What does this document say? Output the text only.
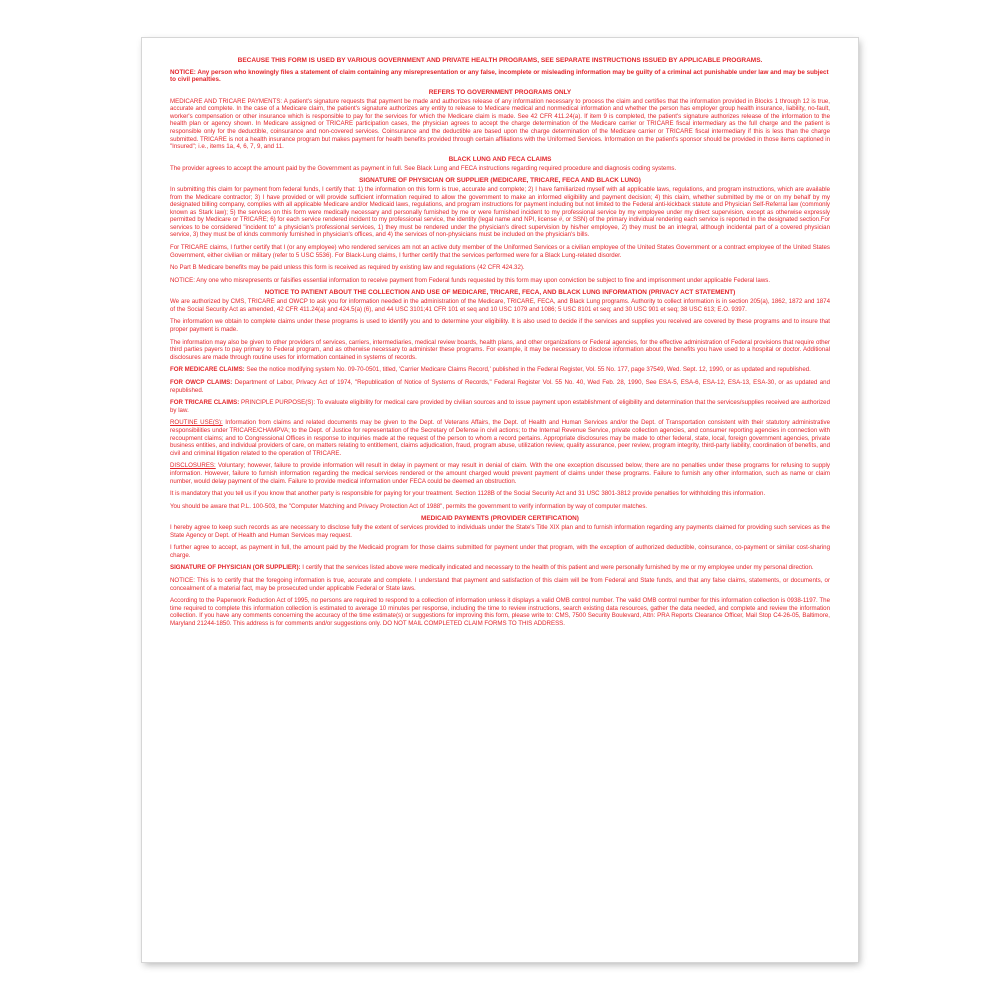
BECAUSE THIS FORM IS USED BY VARIOUS GOVERNMENT AND PRIVATE HEALTH PROGRAMS, SEE SEPARATE INSTRUCTIONS ISSUED BY APPLICABLE PROGRAMS.

NOTICE: Any person who knowingly files a statement of claim containing any misrepresentation or any false, incomplete or misleading information may be guilty of a criminal act punishable under law and may be subject to civil penalties.

REFERS TO GOVERNMENT PROGRAMS ONLY

MEDICARE AND TRICARE PAYMENTS: A patient's signature requests that payment be made and authorizes release of any information necessary to process the claim and certifies that the information provided in Blocks 1 through 12 is true, accurate and complete. In the case of a Medicare claim, the patient's signature authorizes any entity to release to Medicare medical and nonmedical information and whether the person has employer group health insurance, liability, no-fault, worker's compensation or other insurance which is responsible to pay for the services for which the Medicare claim is made. See 42 CFR 411.24(a). If item 9 is completed, the patient's signature authorizes release of the information to the health plan or agency shown. In Medicare assigned or TRICARE participation cases, the physician agrees to accept the charge determination of the Medicare carrier or TRICARE fiscal intermediary as the full charge and the patient is responsible only for the deductible, coinsurance and non-covered services. Coinsurance and the deductible are based upon the charge determination of the Medicare carrier or TRICARE fiscal intermediary if this is less than the charge submitted. TRICARE is not a health insurance program but makes payment for health benefits provided through certain affiliations with the Uniformed Services. Information on the patient's sponsor should be provided in those items captioned in "Insured"; i.e., items 1a, 4, 6, 7, 9, and 11.

BLACK LUNG AND FECA CLAIMS

The provider agrees to accept the amount paid by the Government as payment in full. See Black Lung and FECA instructions regarding required procedure and diagnosis coding systems.

SIGNATURE OF PHYSICIAN OR SUPPLIER (MEDICARE, TRICARE, FECA AND BLACK LUNG)

In submitting this claim for payment from federal funds, I certify that: 1) the information on this form is true, accurate and complete; 2) I have familiarized myself with all applicable laws, regulations, and program instructions, which are available from the Medicare contractor; 3) I have provided or will provide sufficient information required to allow the government to make an informed eligibility and payment decision; 4) this claim, whether submitted by me or on my behalf by my designated billing company, complies with all applicable Medicare and/or Medicaid laws, regulations, and program instructions for payment including but not limited to the Federal anti-kickback statute and Physician Self-Referral law (commonly known as Stark law); 5) the services on this form were medically necessary and personally furnished by me or were furnished incident to my professional service by my employee under my direct supervision, except as otherwise expressly permitted by Medicare or TRICARE; 6) for each service rendered incident to my professional service, the identity (legal name and NPI, license #, or SSN) of the primary individual rendering each service is reported in the designated section.For services to be considered "incident to" a physician's professional services, 1) they must be rendered under the physician's direct supervision by his/her employee, 2) they must be an integral, although incidental part of a covered physician service, 3) they must be of kinds commonly furnished in physician's offices, and 4) the services of non-physicians must be included on the physician's bills.

For TRICARE claims, I further certify that I (or any employee) who rendered services am not an active duty member of the Uniformed Services or a civilian employee of the United States Government or a contract employee of the United States Government, either civilian or military (refer to 5 USC 5536). For Black-Lung claims, I further certify that the services performed were for a Black Lung-related disorder.

No Part B Medicare benefits may be paid unless this form is received as required by existing law and regulations (42 CFR 424.32).

NOTICE: Any one who misrepresents or falsifies essential information to receive payment from Federal funds requested by this form may upon conviction be subject to fine and imprisonment under applicable Federal laws.

NOTICE TO PATIENT ABOUT THE COLLECTION AND USE OF MEDICARE, TRICARE, FECA, AND BLACK LUNG INFORMATION (PRIVACY ACT STATEMENT)

We are authorized by CMS, TRICARE and OWCP to ask you for information needed in the administration of the Medicare, TRICARE, FECA, and Black Lung programs. Authority to collect information is in section 205(a), 1862, 1872 and 1874 of the Social Security Act as amended, 42 CFR 411.24(a) and 424.5(a) (6), and 44 USC 3101;41 CFR 101 et seq and 10 USC 1079 and 1086; 5 USC 8101 et seq; and 30 USC 901 et seq; 38 USC 613; E.O. 9397.

The information we obtain to complete claims under these programs is used to identify you and to determine your eligibility. It is also used to decide if the services and supplies you received are covered by these programs and to insure that proper payment is made.

The information may also be given to other providers of services, carriers, intermediaries, medical review boards, health plans, and other organizations or Federal agencies, for the effective administration of Federal provisions that require other third parties payers to pay primary to Federal program, and as otherwise necessary to administer these programs. For example, it may be necessary to disclose information about the benefits you have used to a hospital or doctor. Additional disclosures are made through routine uses for information contained in systems of records.

FOR MEDICARE CLAIMS: See the notice modifying system No. 09-70-0501, titled, 'Carrier Medicare Claims Record,' published in the Federal Register, Vol. 55 No. 177, page 37549, Wed. Sept. 12, 1990, or as updated and republished.

FOR OWCP CLAIMS: Department of Labor, Privacy Act of 1974, "Republication of Notice of Systems of Records," Federal Register Vol. 55 No. 40, Wed Feb. 28, 1990, See ESA-5, ESA-6, ESA-12, ESA-13, ESA-30, or as updated and republished.

FOR TRICARE CLAIMS: PRINCIPLE PURPOSE(S): To evaluate eligibility for medical care provided by civilian sources and to issue payment upon establishment of eligibility and determination that the services/supplies received are authorized by law.

ROUTINE USE(S): Information from claims and related documents may be given to the Dept. of Veterans Affairs, the Dept. of Health and Human Services and/or the Dept. of Transportation consistent with their statutory administrative responsibilities under TRICARE/CHAMPVA; to the Dept. of Justice for representation of the Secretary of Defense in civil actions; to the Internal Revenue Service, private collection agencies, and consumer reporting agencies in connection with recoupment claims; and to Congressional Offices in response to inquiries made at the request of the person to whom a record pertains. Appropriate disclosures may be made to other federal, state, local, foreign government agencies, private business entities, and individual providers of care, on matters relating to entitlement, claims adjudication, fraud, program abuse, utilization review, quality assurance, peer review, program integrity, third-party liability, coordination of benefits, and civil and criminal litigation related to the operation of TRICARE.

DISCLOSURES: Voluntary; however, failure to provide information will result in delay in payment or may result in denial of claim. With the one exception discussed below, there are no penalties under these programs for refusing to supply information. However, failure to furnish information regarding the medical services rendered or the amount charged would prevent payment of claims under these programs. Failure to furnish any other information, such as name or claim number, would delay payment of the claim. Failure to provide medical information under FECA could be deemed an obstruction.

It is mandatory that you tell us if you know that another party is responsible for paying for your treatment. Section 1128B of the Social Security Act and 31 USC 3801-3812 provide penalties for withholding this information.

You should be aware that P.L. 100-503, the "Computer Matching and Privacy Protection Act of 1988", permits the government to verify information by way of computer matches.

MEDICAID PAYMENTS (PROVIDER CERTIFICATION)

I hereby agree to keep such records as are necessary to disclose fully the extent of services provided to individuals under the State's Title XIX plan and to furnish information regarding any payments claimed for providing such services as the State Agency or Dept. of Health and Human Services may request.

I further agree to accept, as payment in full, the amount paid by the Medicaid program for those claims submitted for payment under that program, with the exception of authorized deductible, coinsurance, co-payment or similar cost-sharing charge.

SIGNATURE OF PHYSICIAN (OR SUPPLIER): I certify that the services listed above were medically indicated and necessary to the health of this patient and were personally furnished by me or my employee under my personal direction.

NOTICE: This is to certify that the foregoing information is true, accurate and complete. I understand that payment and satisfaction of this claim will be from Federal and State funds, and that any false claims, statements, or documents, or concealment of a material fact, may be prosecuted under applicable Federal or State laws.

According to the Paperwork Reduction Act of 1995, no persons are required to respond to a collection of information unless it displays a valid OMB control number. The valid OMB control number for this information collection is 0938-1197. The time required to complete this information collection is estimated to average 10 minutes per response, including the time to review instructions, search existing data resources, gather the data needed, and complete and review the information collection. If you have any comments concerning the accuracy of the time estimate(s) or suggestions for improving this form, please write to: CMS, 7500 Security Boulevard, Attn: PRA Reports Clearance Officer, Mail Stop C4-26-05, Baltimore, Maryland 21244-1850. This address is for comments and/or suggestions only. DO NOT MAIL COMPLETED CLAIM FORMS TO THIS ADDRESS.
